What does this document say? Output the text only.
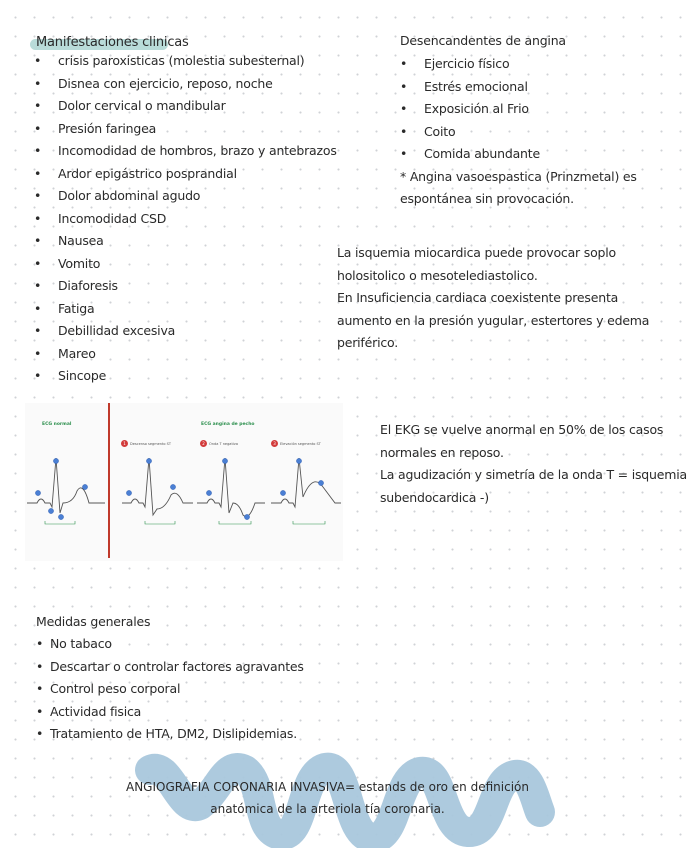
Manifestaciones clinicas
• crisis paroxisticas (molestia subesternal)
• Disnea con ejercicio, reposo, noche
• Dolor cervical o mandibular
• Presión faringea
• Incomodidad de hombros, brazo y antebrazos
• Ardor epigástrico posprandial
• Dolor abdominal agudo
• Incomodidad CSD
• Nausea
• Vomito
• Diaforesis
• Fatiga
• Debillidad excesiva
• Mareo
• Sincope
Desencandentes de angina
• Ejercicio físico
• Estrés emocional
• Exposición al Frio
• Coito
• Comida abundante
* Angina vasoespastica (Prinzmetal) es
espontánea sin provocación.
La isquemia miocardica puede provocar soplo
holositolico o mesotelediastolico.
En Insuficiencia cardiaca coexistente presenta
aumento en la presión yugular, estertores y edema
periférico.
ECG normal	ECG angina de pecho
1	Descenso segmento ST	2	Onda T negativa	3	Elevación segmento ST
El EKG se vuelve anormal en 50% de los casos
normales en reposo.
La agudización y simetría de la onda T = isquemia
subendocardica -)
Medidas generales
• No tabaco
• Descartar o controlar factores agravantes
• Control peso corporal
• Actividad fisica
• Tratamiento de HTA, DM2, Dislipidemias.
ANGIOGRAFIA CORONARIA INVASIVA= estands de oro en definición
anatómica de la arteriola tía coronaria.
